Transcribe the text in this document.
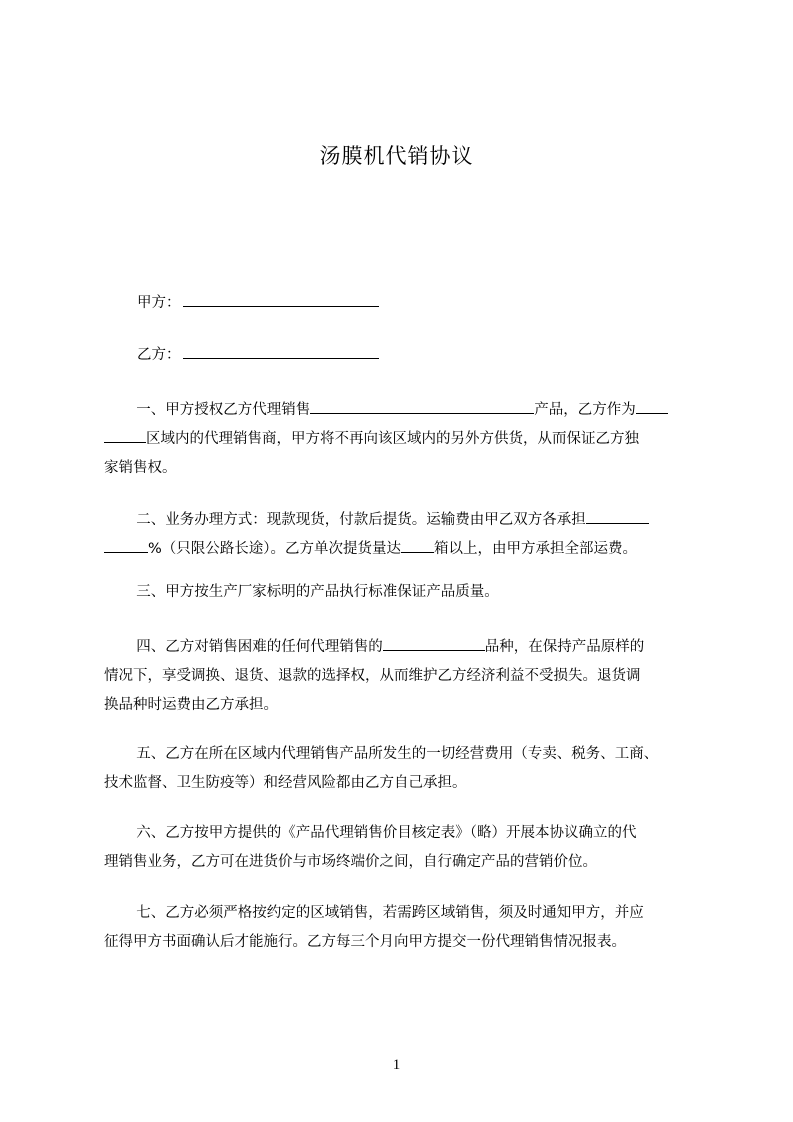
汤膜机代销协议
甲方：
乙方：

一、甲方授权乙方代理销售	产品，乙方作为

区域内的代理销售商，甲方将不再向该区域内的另外方供货，从而保证乙方独

家销售权。

二、业务办理方式：现款现货，付款后提货。运输费由甲乙双方各承担

%（只限公路长途）。乙方单次提货量达 箱以上，由甲方承担全部运费。

三、甲方按生产厂家标明的产品执行标准保证产品质量。

四、乙方对销售困难的任何代理销售的	品种，在保持产品原样的

情况下，享受调换、退货、退款的选择权，从而维护乙方经济利益不受损失。退货调

换品种时运费由乙方承担。

五、乙方在所在区域内代理销售产品所发生的一切经营费用（专卖、税务、工商、

技术监督、卫生防疫等）和经营风险都由乙方自己承担。

六、乙方按甲方提供的《产品代理销售价目核定表》（略）开展本协议确立的代

理销售业务，乙方可在进货价与市场终端价之间，自行确定产品的营销价位。

七、乙方必须严格按约定的区域销售，若需跨区域销售，须及时通知甲方，并应

征得甲方书面确认后才能施行。乙方每三个月向甲方提交一份代理销售情况报表。

1
